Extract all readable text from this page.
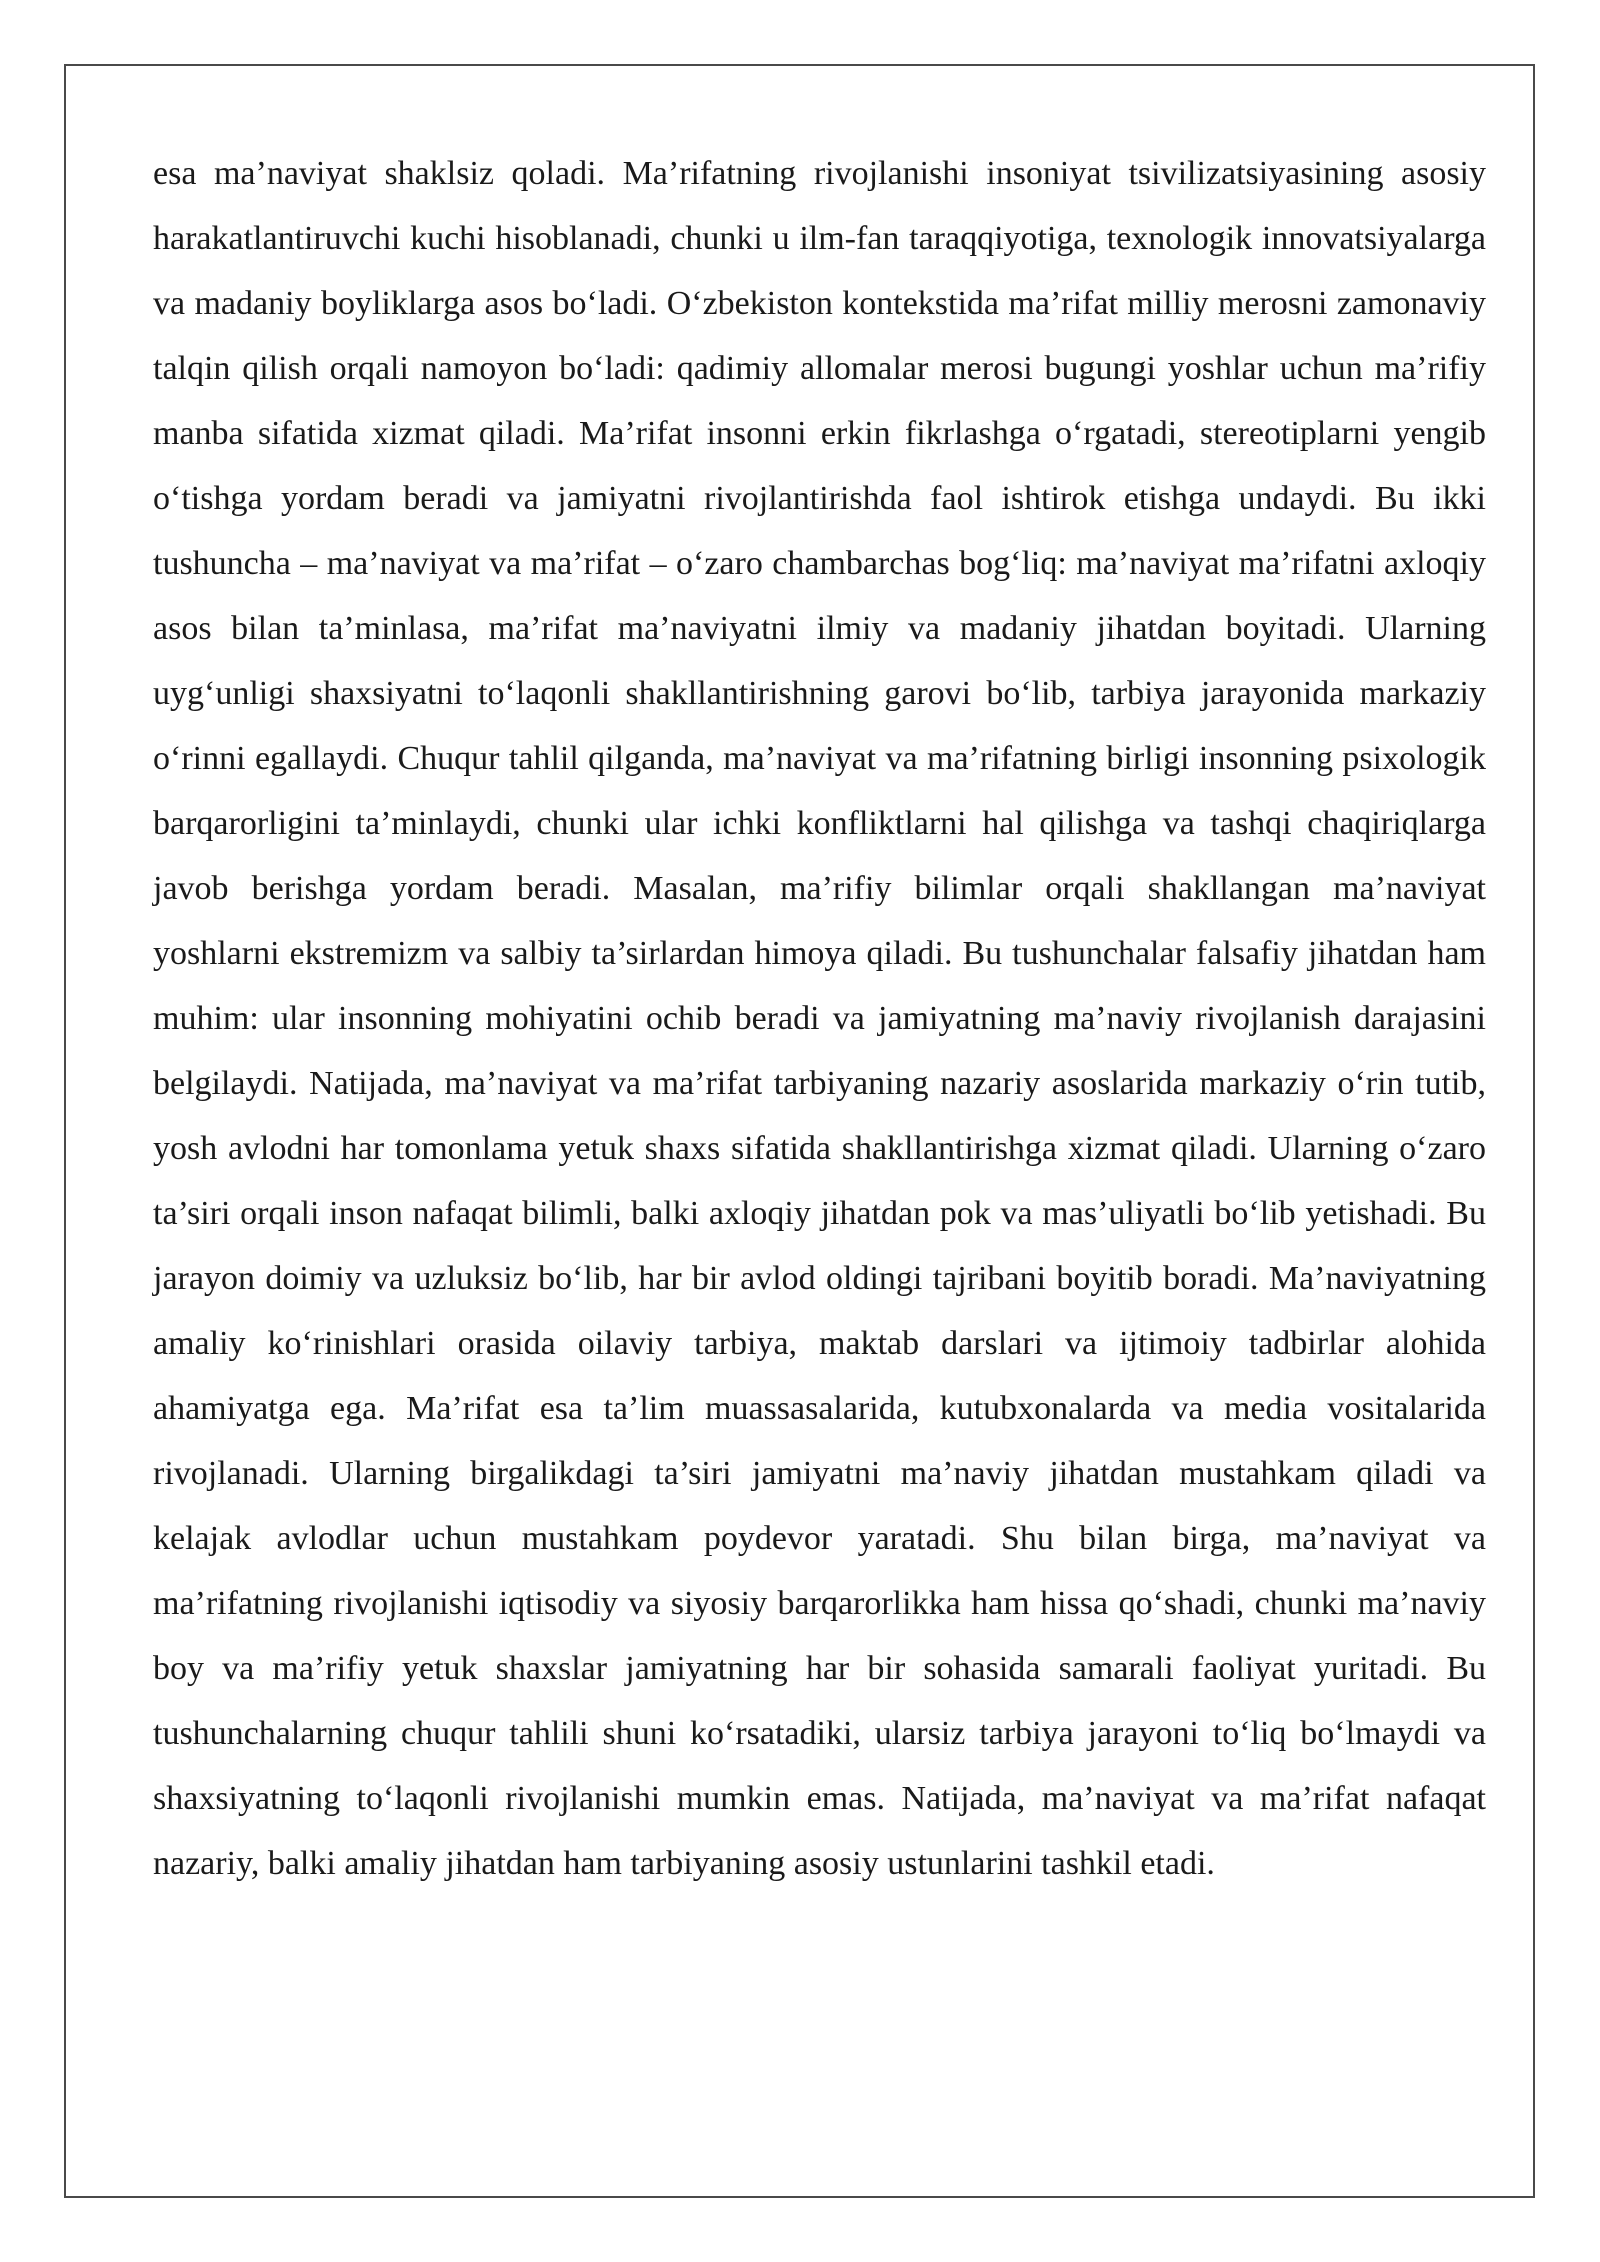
esa ma’naviyat shaklsiz qoladi. Ma’rifatning rivojlanishi insoniyat tsivilizatsiyasining asosiy harakatlantiruvchi kuchi hisoblanadi, chunki u ilm-fan taraqqiyotiga, texnologik innovatsiyalarga va madaniy boyliklarga asos bo‘ladi. O‘zbekiston kontekstida ma’rifat milliy merosni zamonaviy talqin qilish orqali namoyon bo‘ladi: qadimiy allomalar merosi bugungi yoshlar uchun ma’rifiy manba sifatida xizmat qiladi. Ma’rifat insonni erkin fikrlashga o‘rgatadi, stereotiplarni yengib o‘tishga yordam beradi va jamiyatni rivojlantirishda faol ishtirok etishga undaydi. Bu ikki tushuncha – ma’naviyat va ma’rifat – o‘zaro chambarchas bog‘liq: ma’naviyat ma’rifatni axloqiy asos bilan ta’minlasa, ma’rifat ma’naviyatni ilmiy va madaniy jihatdan boyitadi. Ularning uyg‘unligi shaxsiyatni to‘laqonli shakllantirishning garovi bo‘lib, tarbiya jarayonida markaziy o‘rinni egallaydi. Chuqur tahlil qilganda, ma’naviyat va ma’rifatning birligi insonning psixologik barqarorligini ta’minlaydi, chunki ular ichki konfliktlarni hal qilishga va tashqi chaqiriqlarga javob berishga yordam beradi. Masalan, ma’rifiy bilimlar orqali shakllangan ma’naviyat yoshlarni ekstremizm va salbiy ta’sirlardan himoya qiladi. Bu tushunchalar falsafiy jihatdan ham muhim: ular insonning mohiyatini ochib beradi va jamiyatning ma’naviy rivojlanish darajasini belgilaydi. Natijada, ma’naviyat va ma’rifat tarbiyaning nazariy asoslarida markaziy o‘rin tutib, yosh avlodni har tomonlama yetuk shaxs sifatida shakllantirishga xizmat qiladi. Ularning o‘zaro ta’siri orqali inson nafaqat bilimli, balki axloqiy jihatdan pok va mas’uliyatli bo‘lib yetishadi. Bu jarayon doimiy va uzluksiz bo‘lib, har bir avlod oldingi tajribani boyitib boradi. Ma’naviyatning amaliy ko‘rinishlari orasida oilaviy tarbiya, maktab darslari va ijtimoiy tadbirlar alohida ahamiyatga ega. Ma’rifat esa ta’lim muassasalarida, kutubxonalarda va media vositalarida rivojlanadi. Ularning birgalikdagi ta’siri jamiyatni ma’naviy jihatdan mustahkam qiladi va kelajak avlodlar uchun mustahkam poydevor yaratadi. Shu bilan birga, ma’naviyat va ma’rifatning rivojlanishi iqtisodiy va siyosiy barqarorlikka ham hissa qo‘shadi, chunki ma’naviy boy va ma’rifiy yetuk shaxslar jamiyatning har bir sohasida samarali faoliyat yuritadi. Bu tushunchalarning chuqur tahlili shuni ko‘rsatadiki, ularsiz tarbiya jarayoni to‘liq bo‘lmaydi va shaxsiyatning to‘laqonli rivojlanishi mumkin emas. Natijada, ma’naviyat va ma’rifat nafaqat nazariy, balki amaliy jihatdan ham tarbiyaning asosiy ustunlarini tashkil etadi.
